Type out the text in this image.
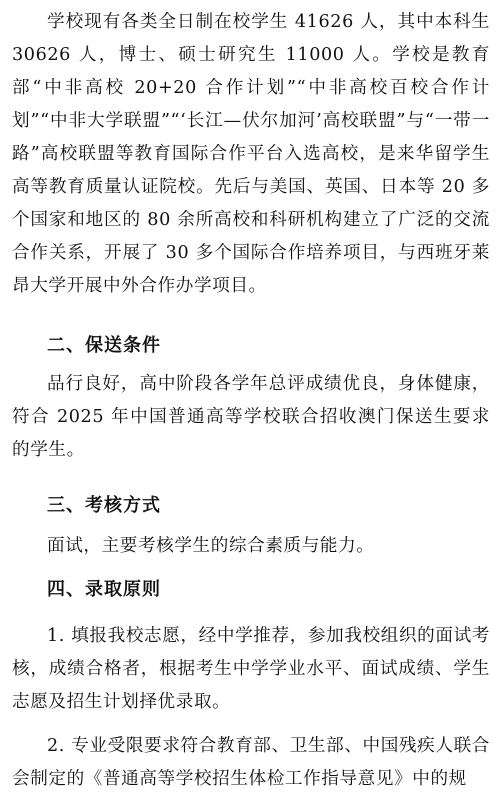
学校现有各类全日制在校学生 41626 人，其中本科生 30626 人，博士、硕士研究生 11000 人。学校是教育部“中非高校 20+20 合作计划”“中非高校百校合作计划”“中非大学联盟”“‘长江—伏尔加河’高校联盟”与“一带一路”高校联盟等教育国际合作平台入选高校，是来华留学生高等教育质量认证院校。先后与美国、英国、日本等 20 多个国家和地区的 80 余所高校和科研机构建立了广泛的交流合作关系，开展了 30 多个国际合作培养项目，与西班牙莱昂大学开展中外合作办学项目。

二、保送条件

品行良好，高中阶段各学年总评成绩优良，身体健康，符合 2025 年中国普通高等学校联合招收澳门保送生要求的学生。

三、考核方式

面试，主要考核学生的综合素质与能力。

四、录取原则

1. 填报我校志愿，经中学推荐，参加我校组织的面试考核，成绩合格者，根据考生中学学业水平、面试成绩、学生志愿及招生计划择优录取。

2. 专业受限要求符合教育部、卫生部、中国残疾人联合会制定的《普通高等学校招生体检工作指导意见》中的规
